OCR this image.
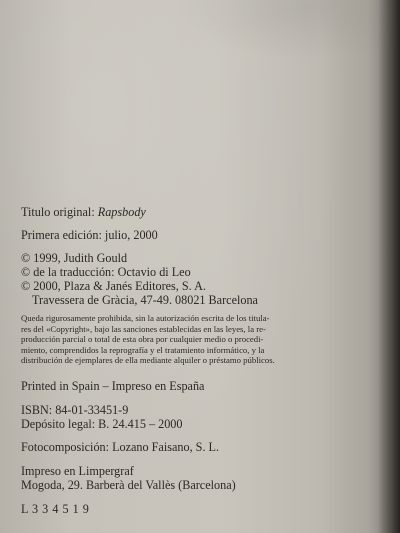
Titulo original: Rapsbody

Primera edición: julio, 2000

© 1999, Judith Gould

© de la traducción: Octavio di Leo

© 2000, Plaza & Janés Editores, S. A.

Travessera de Gràcia, 47-49. 08021 Barcelona

Queda rigurosamente prohibida, sin la autorización escrita de los titula-
res del «Copyright», bajo las sanciones establecidas en las leyes, la re-
producción parcial o total de esta obra por cualquier medio o procedi-
miento, comprendidos la reprografía y el tratamiento informático, y la
distribución de ejemplares de ella mediante alquiler o préstamo públicos.

Printed in Spain – Impreso en España

ISBN: 84-01-33451-9

Depósito legal: B. 24.415 – 2000

Fotocomposición: Lozano Faisano, S. L.

Impreso en Limpergraf

Mogoda, 29. Barberà del Vallès (Barcelona)

L 3 3 4 5 1 9
